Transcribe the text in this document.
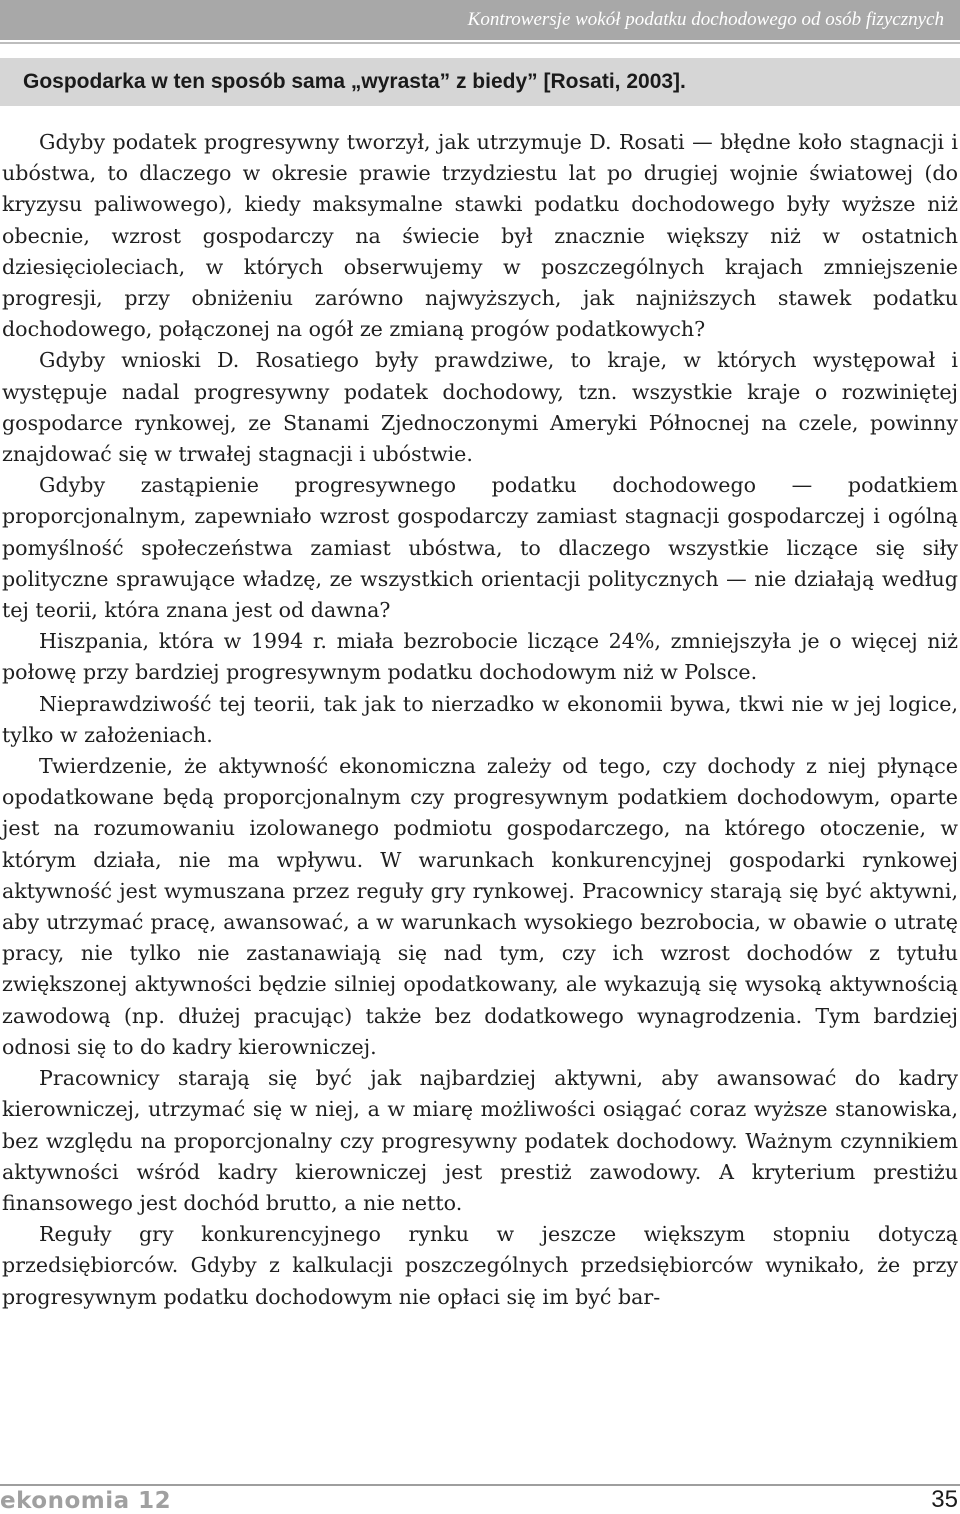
Kontrowersje wokół podatku dochodowego od osób fizycznych
Gospodarka w ten sposób sama „wyrasta” z biedy” [Rosati, 2003].

Gdyby podatek progresywny tworzył, jak utrzymuje D. Rosati — błędne koło stagnacji i ubóstwa, to dlaczego w okresie prawie trzydziestu lat po drugiej wojnie światowej (do kryzysu paliwowego), kiedy maksymalne stawki podatku dochodowego były wyższe niż obecnie, wzrost gospodarczy na świecie był znacznie większy niż w ostatnich dziesięcioleciach, w których obserwujemy w poszczególnych krajach zmniejszenie progresji, przy obniżeniu zarówno najwyższych, jak najniższych stawek podatku dochodowego, połączonej na ogół ze zmianą progów podatkowych?

Gdyby wnioski D. Rosatiego były prawdziwe, to kraje, w których występował i występuje nadal progresywny podatek dochodowy, tzn. wszystkie kraje o rozwiniętej gospodarce rynkowej, ze Stanami Zjednoczonymi Ameryki Północnej na czele, powinny znajdować się w trwałej stagnacji i ubóstwie.

Gdyby zastąpienie progresywnego podatku dochodowego — podatkiem proporcjonalnym, zapewniało wzrost gospodarczy zamiast stagnacji gospodarczej i ogólną pomyślność społeczeństwa zamiast ubóstwa, to dlaczego wszystkie liczące się siły polityczne sprawujące władzę, ze wszystkich orientacji politycznych — nie działają według tej teorii, która znana jest od dawna?

Hiszpania, która w 1994 r. miała bezrobocie liczące 24%, zmniejszyła je o więcej niż połowę przy bardziej progresywnym podatku dochodowym niż w Polsce.

Nieprawdziwość tej teorii, tak jak to nierzadko w ekonomii bywa, tkwi nie w jej logice, tylko w założeniach.

Twierdzenie, że aktywność ekonomiczna zależy od tego, czy dochody z niej płynące opodatkowane będą proporcjonalnym czy progresywnym podatkiem dochodowym, oparte jest na rozumowaniu izolowanego podmiotu gospodarczego, na którego otoczenie, w którym działa, nie ma wpływu. W warunkach konkurencyjnej gospodarki rynkowej aktywność jest wymuszana przez reguły gry rynkowej. Pracownicy starają się być aktywni, aby utrzymać pracę, awansować, a w warunkach wysokiego bezrobocia, w obawie o utratę pracy, nie tylko nie zastanawiają się nad tym, czy ich wzrost dochodów z tytułu zwiększonej aktywności będzie silniej opodatkowany, ale wykazują się wysoką aktywnością zawodową (np. dłużej pracując) także bez dodatkowego wynagrodzenia. Tym bardziej odnosi się to do kadry kierowniczej.

Pracownicy starają się być jak najbardziej aktywni, aby awansować do kadry kierowniczej, utrzymać się w niej, a w miarę możliwości osiągać coraz wyższe stanowiska, bez względu na proporcjonalny czy progresywny podatek dochodowy. Ważnym czynnikiem aktywności wśród kadry kierowniczej jest prestiż zawodowy. A kryterium prestiżu finansowego jest dochód brutto, a nie netto.

Reguły gry konkurencyjnego rynku w jeszcze większym stopniu dotyczą przedsiębiorców. Gdyby z kalkulacji poszczególnych przedsiębiorców wynikało, że przy progresywnym podatku dochodowym nie opłaci się im być bar-

ekonomia 12	35
